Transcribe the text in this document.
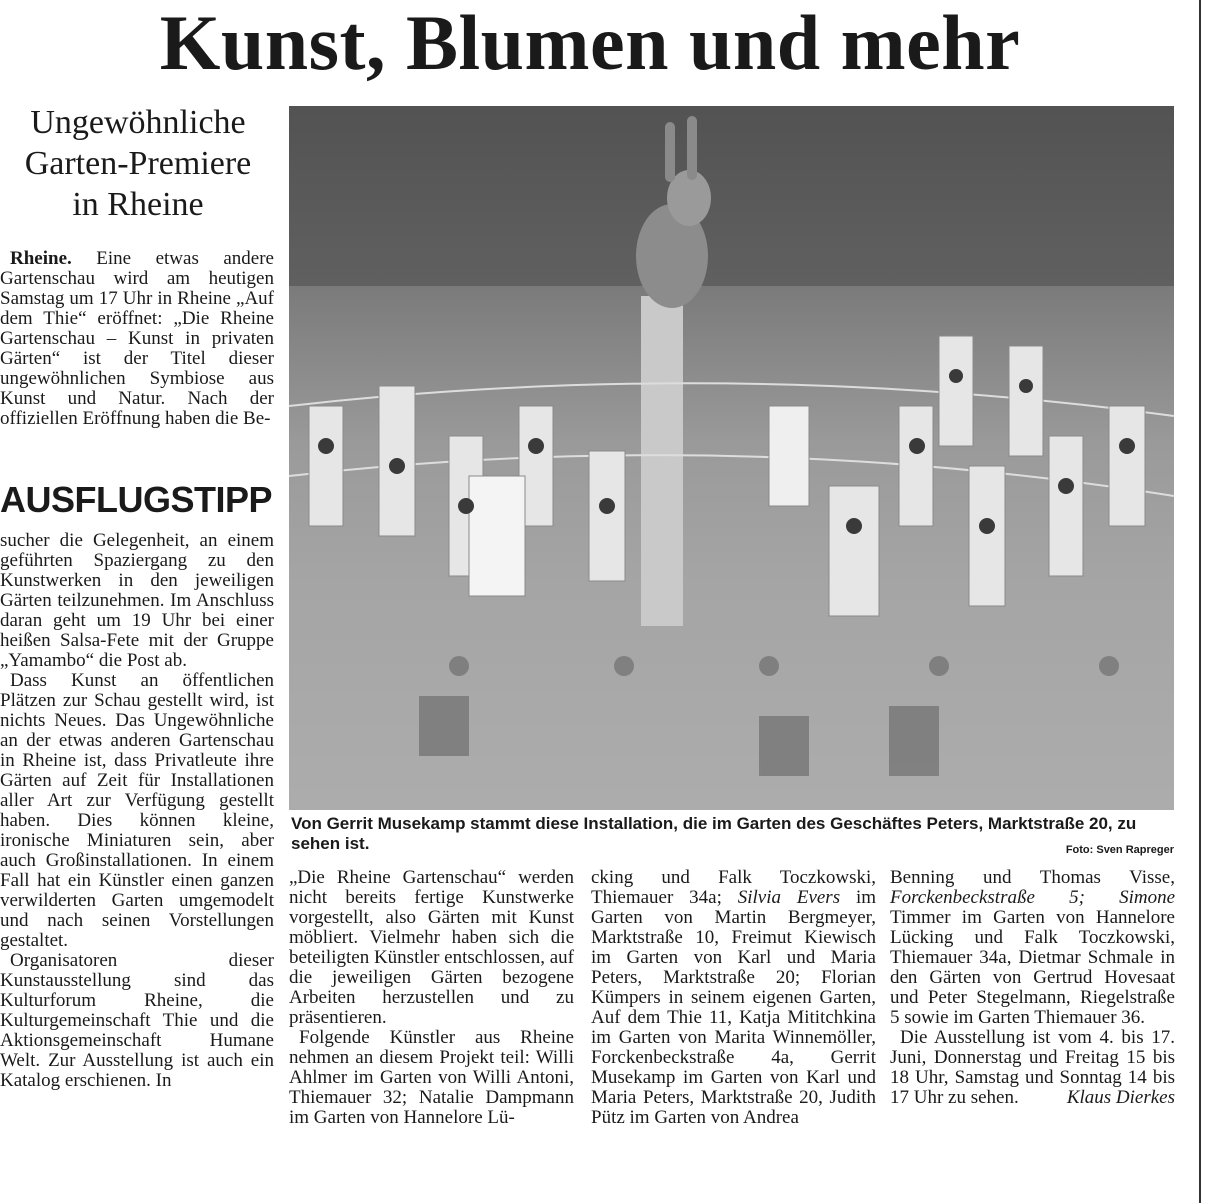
Kunst, Blumen und mehr
Ungewöhnliche
Garten-Premiere
in Rheine

Rheine. Eine etwas andere Gartenschau wird am heutigen Samstag um 17 Uhr in Rheine „Auf dem Thie“ eröffnet: „Die Rheine Gartenschau – Kunst in privaten Gärten“ ist der Titel dieser ungewöhnlichen Symbiose aus Kunst und Natur. Nach der offiziellen Eröffnung haben die Be-

AUSFLUGSTIPP

sucher die Gelegenheit, an einem geführten Spaziergang zu den Kunstwerken in den jeweiligen Gärten teilzunehmen. Im Anschluss daran geht um 19 Uhr bei einer heißen Salsa-Fete mit der Gruppe „Yamambo“ die Post ab.

Dass Kunst an öffentlichen Plätzen zur Schau gestellt wird, ist nichts Neues. Das Ungewöhnliche an der etwas anderen Gartenschau in Rheine ist, dass Privatleute ihre Gärten auf Zeit für Installationen aller Art zur Verfügung gestellt haben. Dies können kleine, ironische Miniaturen sein, aber auch Großinstallationen. In einem Fall hat ein Künstler einen ganzen verwilderten Garten umgemodelt und nach seinen Vorstellungen gestaltet.

Organisatoren dieser Kunstausstellung sind das Kulturforum Rheine, die Kulturgemeinschaft Thie und die Aktionsgemeinschaft Humane Welt. Zur Ausstellung ist auch ein Katalog erschienen. In

Von Gerrit Musekamp stammt diese Installation, die im Garten des Geschäftes Peters, Marktstraße 20, zu sehen ist.	Foto: Sven Rapreger

„Die Rheine Gartenschau“ werden nicht bereits fertige Kunstwerke vorgestellt, also Gärten mit Kunst möbliert. Vielmehr haben sich die beteiligten Künstler entschlossen, auf die jeweiligen Gärten bezogene Arbeiten herzustellen und zu präsentieren.

Folgende Künstler aus Rheine nehmen an diesem Projekt teil: Willi Ahlmer im Garten von Willi Antoni, Thiemauer 32; Natalie Dampmann im Garten von Hannelore Lü-

cking und Falk Toczkowski, Thiemauer 34a; Silvia Evers im Garten von Martin Bergmeyer, Marktstraße 10, Freimut Kiewisch im Garten von Karl und Maria Peters, Marktstraße 20; Florian Kümpers in seinem eigenen Garten, Auf dem Thie 11, Katja Mititchkina im Garten von Marita Winnemöller, Forckenbeckstraße 4a, Gerrit Musekamp im Garten von Karl und Maria Peters, Marktstraße 20, Judith Pütz im Garten von Andrea

Benning und Thomas Visse, Forckenbeckstraße 5; Simone Timmer im Garten von Hannelore Lücking und Falk Toczkowski, Thiemauer 34a, Dietmar Schmale in den Gärten von Gertrud Hovesaat und Peter Stegelmann, Riegelstraße 5 sowie im Garten Thiemauer 36.

Die Ausstellung ist vom 4. bis 17. Juni, Donnerstag und Freitag 15 bis 18 Uhr, Samstag und Sonntag 14 bis 17 Uhr zu sehen.	Klaus Dierkes
